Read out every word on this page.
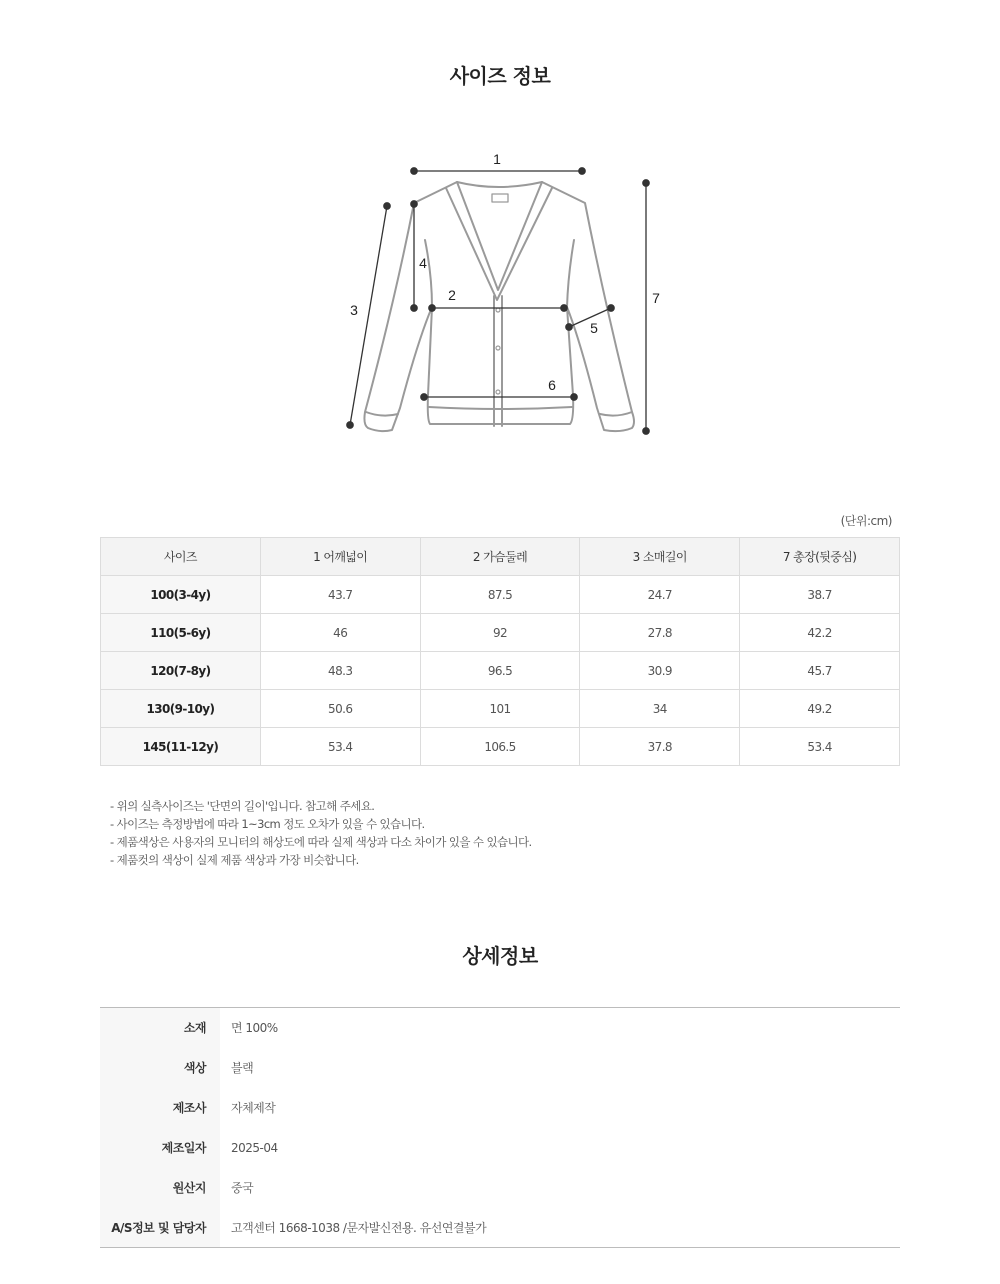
사이즈 정보
1
2
3
4
5
6
7
(단위:cm)
사이즈	1 어깨넓이	2 가슴둘레	3 소매길이	7 총장(뒷중심)
100(3-4y)	43.7	87.5	24.7	38.7
110(5-6y)	46	92	27.8	42.2
120(7-8y)	48.3	96.5	30.9	45.7
130(9-10y)	50.6	101	34	49.2
145(11-12y)	53.4	106.5	37.8	53.4
- 위의 실측사이즈는 '단면의 길이'입니다. 참고해 주세요.
- 사이즈는 측정방법에 따라 1~3cm 정도 오차가 있을 수 있습니다.
- 제품색상은 사용자의 모니터의 해상도에 따라 실제 색상과 다소 차이가 있을 수 있습니다.
- 제품컷의 색상이 실제 제품 색상과 가장 비슷합니다.
상세정보
소재	면 100%
색상	블랙
제조사	자체제작
제조일자	2025-04
원산지	중국
A/S정보 및 담당자	고객센터 1668-1038 /문자발신전용. 유선연결불가
